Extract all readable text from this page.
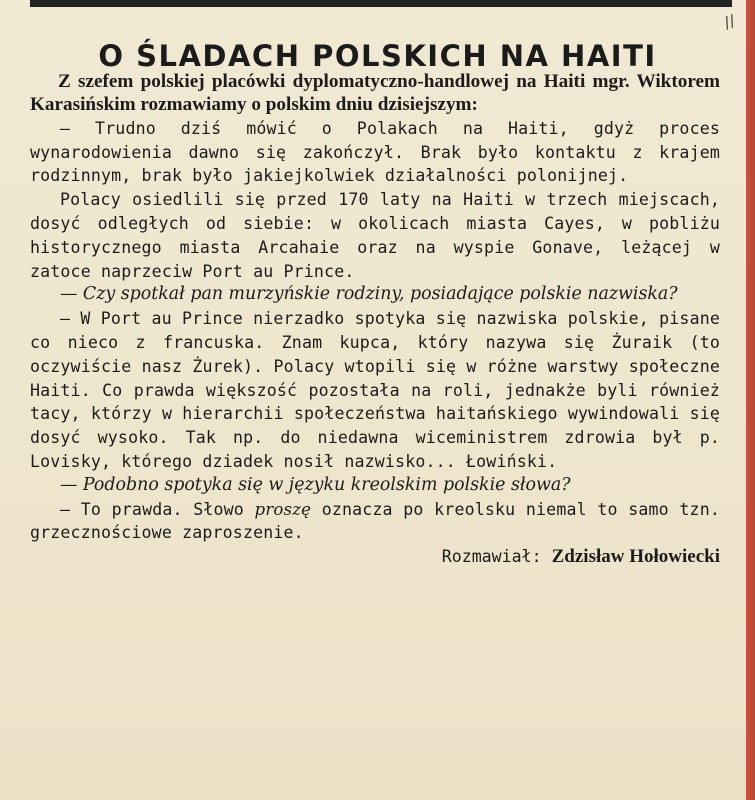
//
O ŚLADACH POLSKICH NA HAITI

Z szefem polskiej placówki dyplomatyczno-handlowej na Haiti mgr. Wiktorem Karasińskim rozmawiamy o polskim dniu dzisiejszym:

— Trudno dziś mówić o Polakach na Haiti, gdyż proces wynarodowienia dawno się zakończył. Brak było kontaktu z krajem rodzinnym, brak było jakiejkolwiek działalności polonijnej.

Polacy osiedlili się przed 170 laty na Haiti w trzech miejscach, dosyć odległych od siebie: w okolicach miasta Cayes, w pobliżu historycznego miasta Arcahaie oraz na wyspie Gonave, leżącej w zatoce naprzeciw Port au Prince.

— Czy spotkał pan murzyńskie rodziny, posiadające polskie nazwiska?

— W Port au Prince nierzadko spotyka się nazwiska polskie, pisane co nieco z francuska. Znam kupca, który nazywa się Żuraik (to oczywiście nasz Żurek). Polacy wtopili się w różne warstwy społeczne Haiti. Co prawda większość pozostała na roli, jednakże byli również tacy, którzy w hierarchii społeczeństwa haitańskiego wywindowali się dosyć wysoko. Tak np. do niedawna wiceministrem zdrowia był p. Lovisky, którego dziadek nosił nazwisko... Łowiński.

— Podobno spotyka się w języku kreolskim polskie słowa?

— To prawda. Słowo proszę oznacza po kreolsku niemal to samo tzn. grzecznościowe zaproszenie.

Rozmawiał: Zdzisław Hołowiecki
